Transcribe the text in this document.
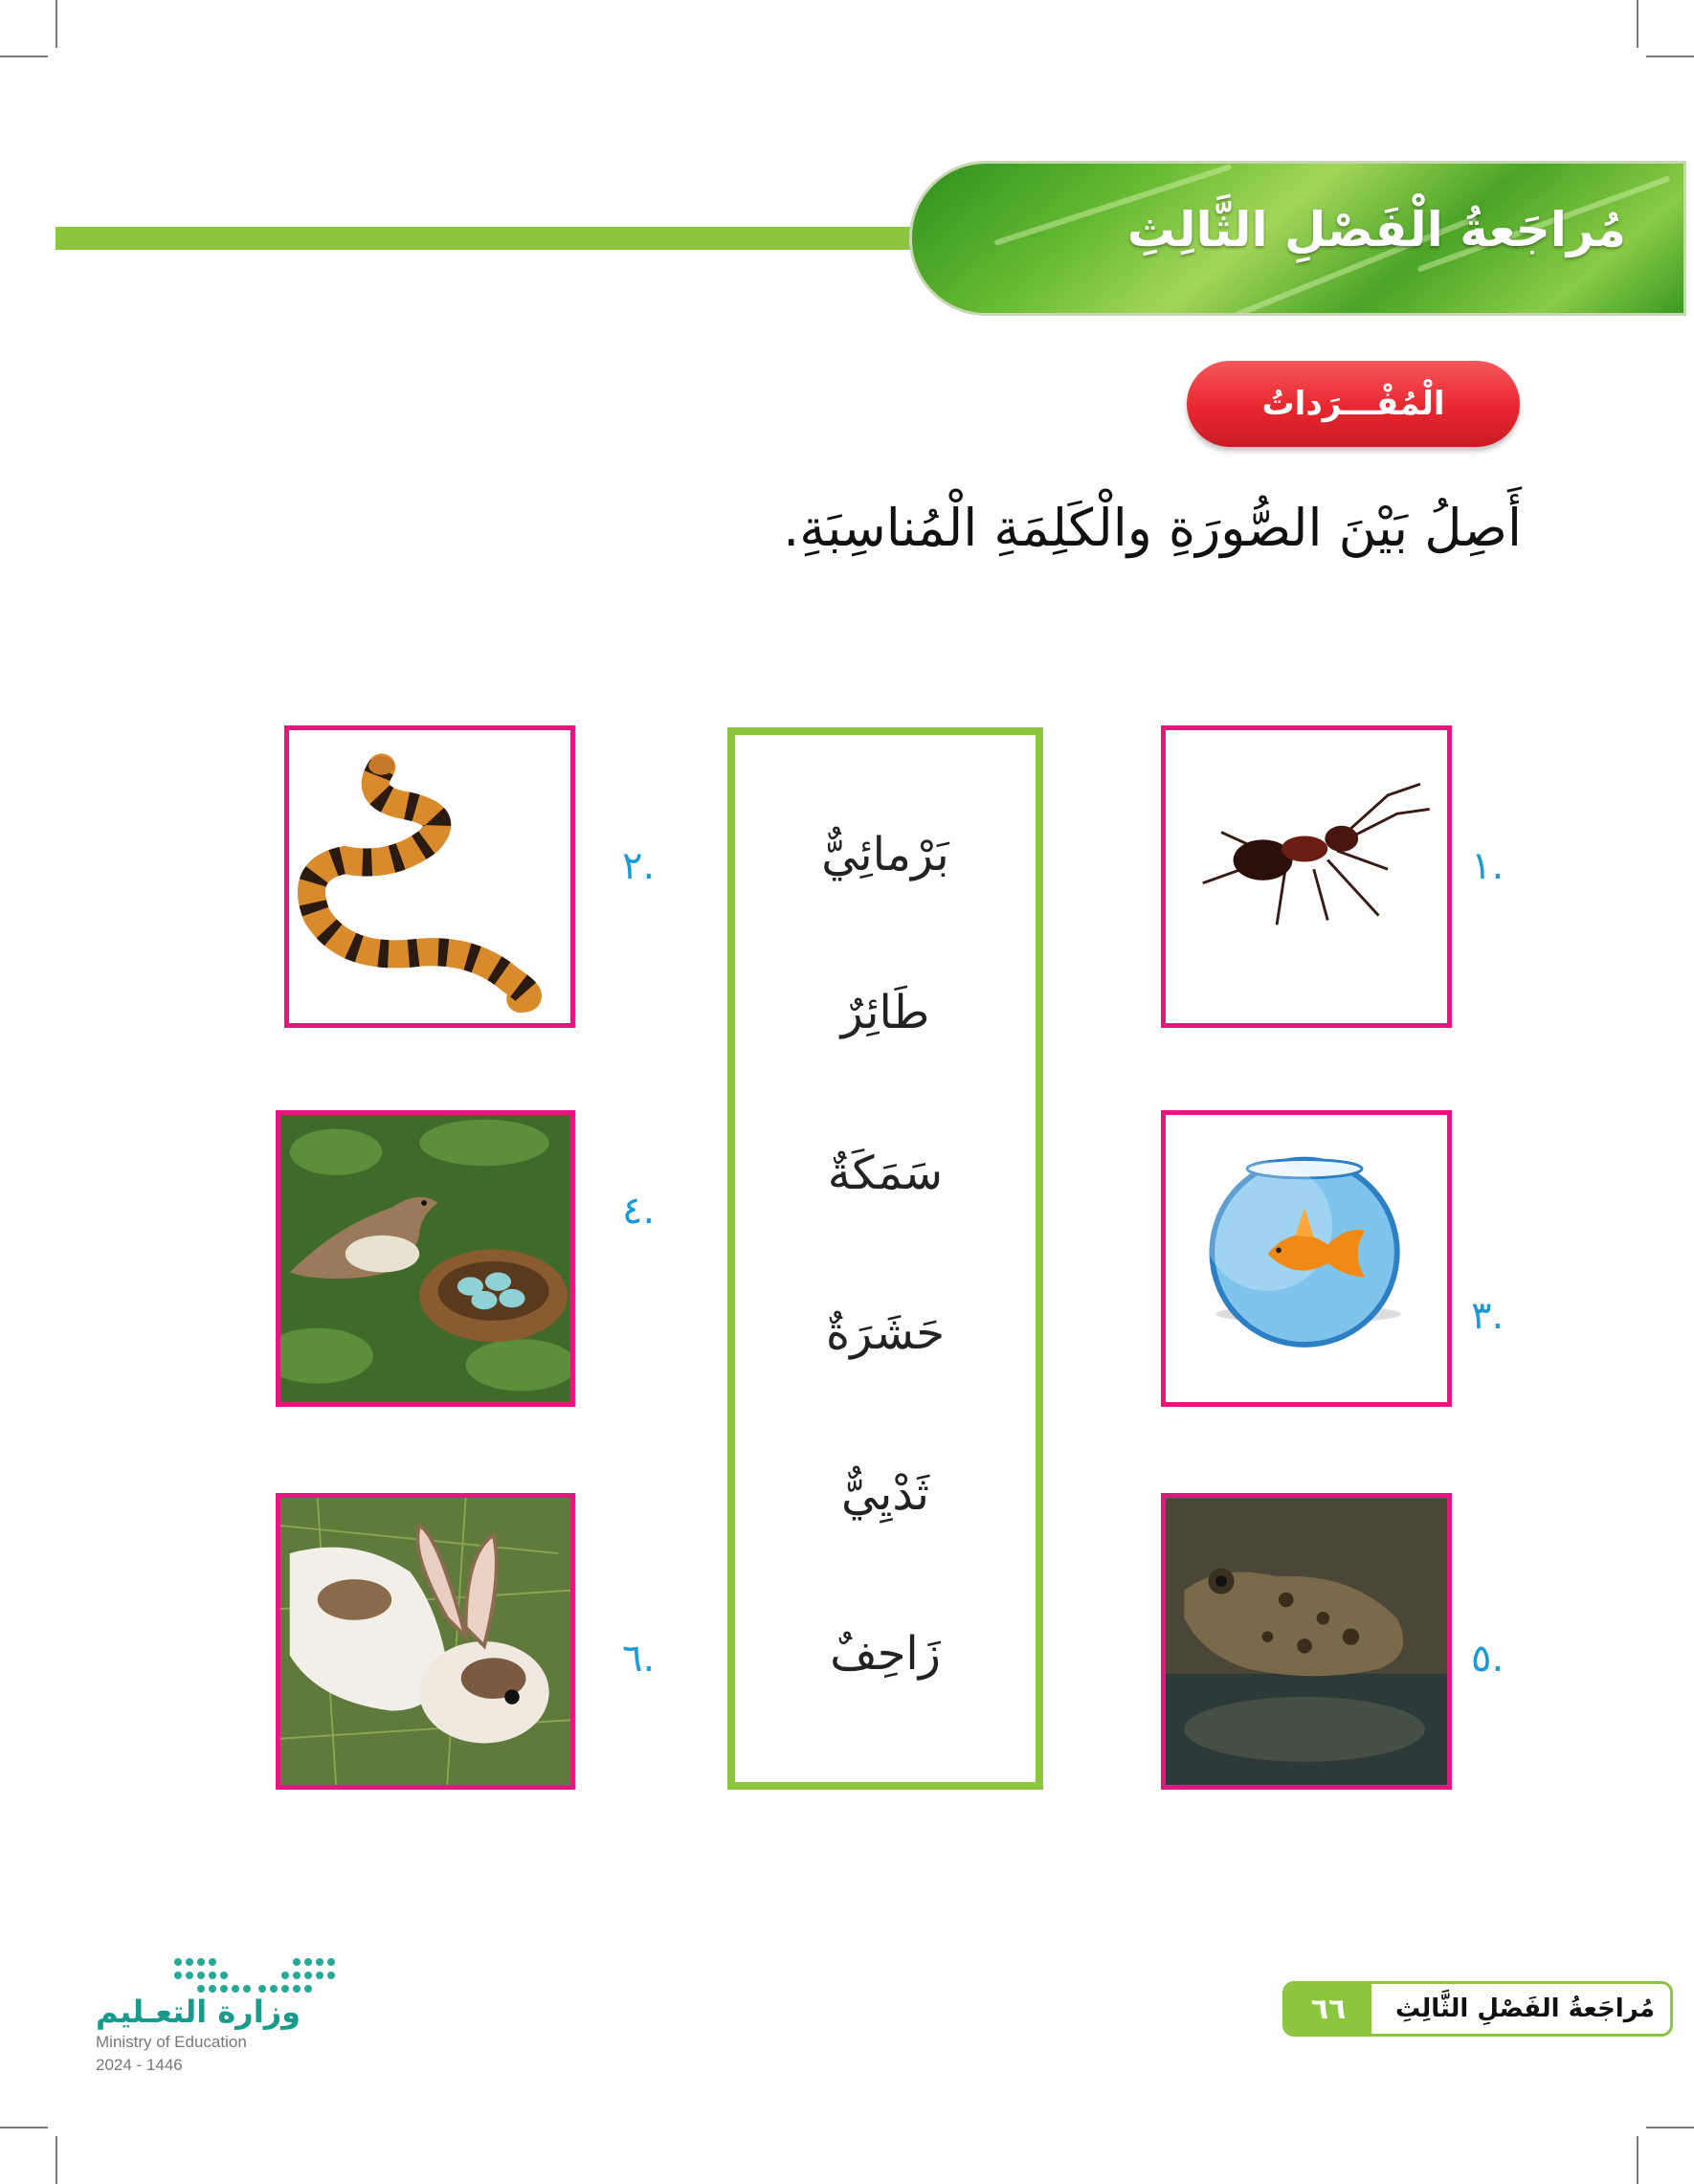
مُراجَعةُ الْفَصْلِ الثَّالِثِ
الْمُفْـــرَداتُ
أَصِلُ بَيْنَ الصُّورَةِ والْكَلِمَةِ الْمُناسِبَةِ.
.١
.٣
.٥
بَرْمائِيٌّ
طَائِرٌ
سَمَكَةٌ
حَشَرَةٌ
ثَدْيِيٌّ
زَاحِفٌ
.٢
.٤
.٦
وزارة التعـليم
Ministry of Education
2024 - 1446
٦٦	مُراجَعةُ الفَصْلِ الثَّالِثِ
